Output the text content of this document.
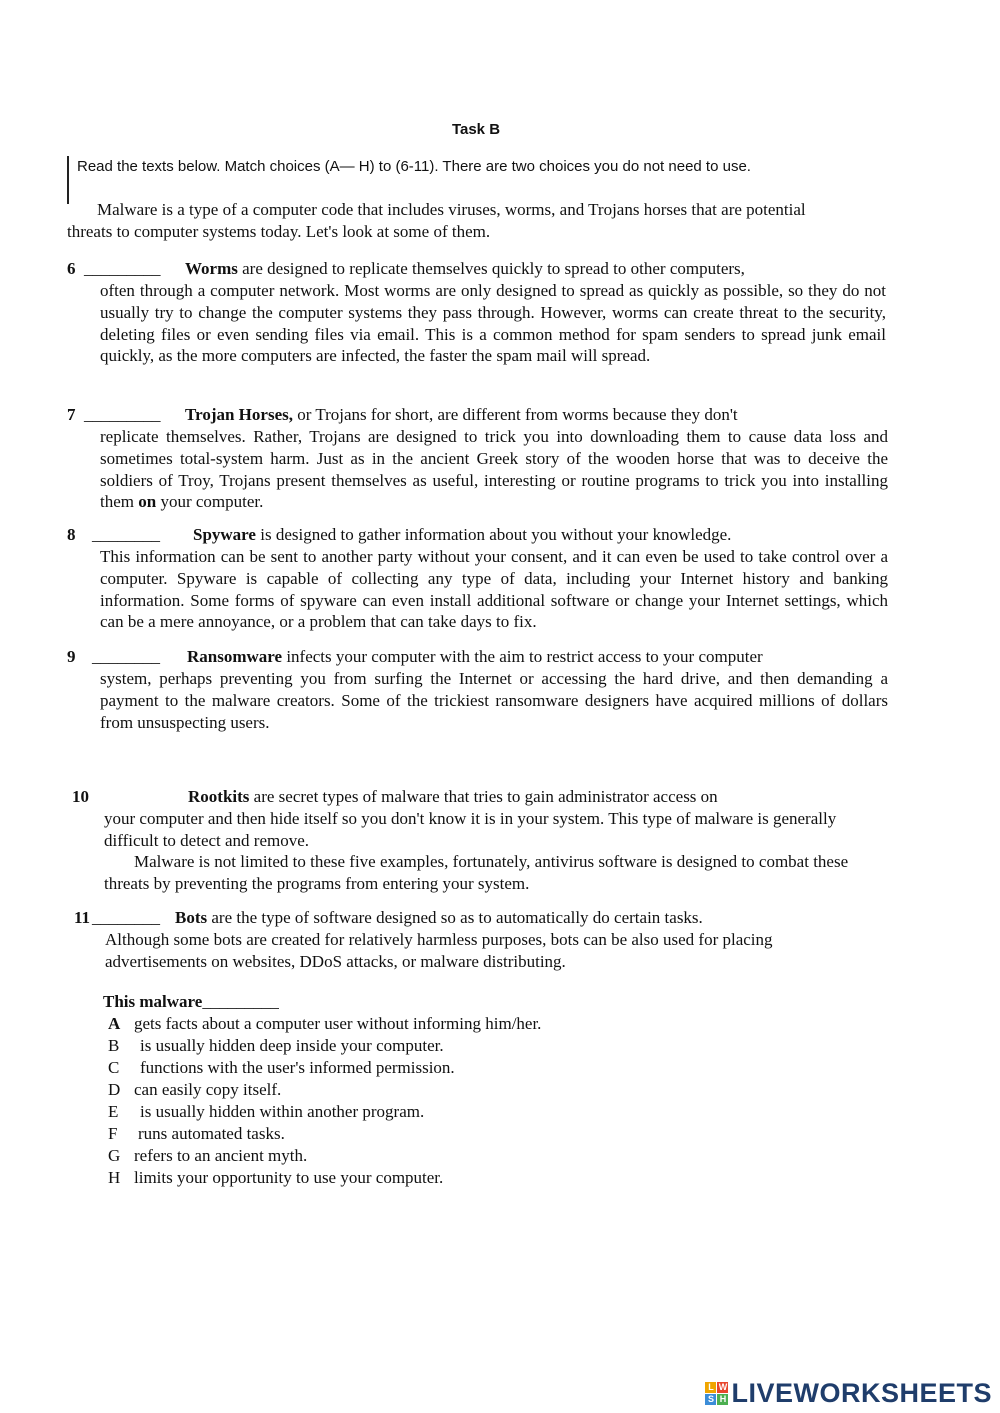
Task B
Read the texts below. Match choices (A— H) to (6-11). There are two choices you do not need to use.
Malware is a type of a computer code that includes viruses, worms, and Trojans horses that are potential
threats to computer systems today. Let's look at some of them.
6 _________ Worms are designed to replicate themselves quickly to spread to other computers,
often through a computer network. Most worms are only designed to spread as quickly as possible, so they do not usually try to change the computer systems they pass through. However, worms can create threat to the security, deleting files or even sending files via email. This is a common method for spam senders to spread junk email quickly, as the more computers are infected, the faster the spam mail will spread.
7 _________ Trojan Horses, or Trojans for short, are different from worms because they don't
replicate themselves. Rather, Trojans are designed to trick you into downloading them to cause data loss and sometimes total-system harm. Just as in the ancient Greek story of the wooden horse that was to deceive the soldiers of Troy, Trojans present themselves as useful, interesting or routine programs to trick you into installing them on your computer.
8 ________ Spyware is designed to gather information about you without your knowledge.
This information can be sent to another party without your consent, and it can even be used to take control over a computer. Spyware is capable of collecting any type of data, including your Internet history and banking information. Some forms of spyware can even install additional software or change your Internet settings, which can be a mere annoyance, or a problem that can take days to fix.
9 ________ Ransomware infects your computer with the aim to restrict access to your computer
system, perhaps preventing you from surfing the Internet or accessing the hard drive, and then demanding a payment to the malware creators. Some of the trickiest ransomware designers have acquired millions of dollars from unsuspecting users.
10	Rootkits are secret types of malware that tries to gain administrator access on
your computer and then hide itself so you don't know it is in your system. This type of malware is generally difficult to detect and remove.
Malware is not limited to these five examples, fortunately, antivirus software is designed to combat these threats by preventing the programs from entering your system.
11 ________ Bots are the type of software designed so as to automatically do certain tasks.
Although some bots are created for relatively harmless purposes, bots can be also used for placing advertisements on websites, DDoS attacks, or malware distributing.
This malware_________
A gets facts about a computer user without informing him/her.
B is usually hidden deep inside your computer.
C functions with the user's informed permission.
D can easily copy itself.
E is usually hidden within another program.
F runs automated tasks.
G refers to an ancient myth.
H limits your opportunity to use your computer.
L W
S H LIVEWORKSHEETS
